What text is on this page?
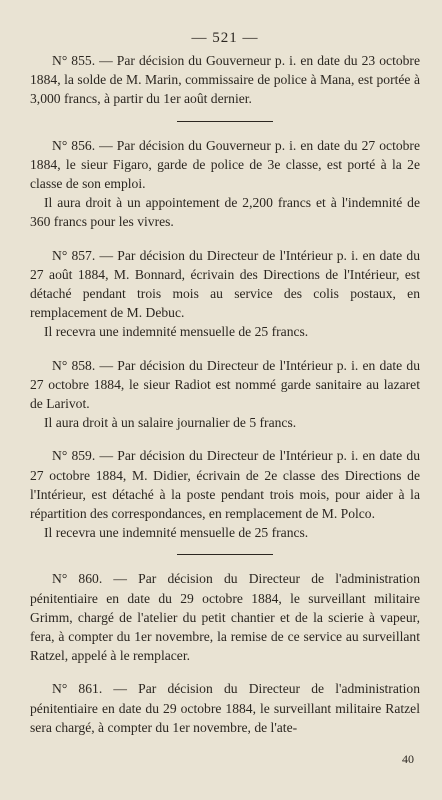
— 521 —

N° 855. — Par décision du Gouverneur p. i. en date du 23 octobre 1884, la solde de M. Marin, commissaire de police à Mana, est portée à 3,000 francs, à partir du 1er août dernier.

N° 856. — Par décision du Gouverneur p. i. en date du 27 octobre 1884, le sieur Figaro, garde de police de 3e classe, est porté à la 2e classe de son emploi.

Il aura droit à un appointement de 2,200 francs et à l'indemnité de 360 francs pour les vivres.

N° 857. — Par décision du Directeur de l'Intérieur p. i. en date du 27 août 1884, M. Bonnard, écrivain des Directions de l'Intérieur, est détaché pendant trois mois au service des colis postaux, en remplacement de M. Debuc.

Il recevra une indemnité mensuelle de 25 francs.

N° 858. — Par décision du Directeur de l'Intérieur p. i. en date du 27 octobre 1884, le sieur Radiot est nommé garde sanitaire au lazaret de Larivot.

Il aura droit à un salaire journalier de 5 francs.

N° 859. — Par décision du Directeur de l'Intérieur p. i. en date du 27 octobre 1884, M. Didier, écrivain de 2e classe des Directions de l'Intérieur, est détaché à la poste pendant trois mois, pour aider à la répartition des correspondances, en remplacement de M. Polco.

Il recevra une indemnité mensuelle de 25 francs.

N° 860. — Par décision du Directeur de l'administration pénitentiaire en date du 29 octobre 1884, le surveillant militaire Grimm, chargé de l'atelier du petit chantier et de la scierie à vapeur, fera, à compter du 1er novembre, la remise de ce service au surveillant Ratzel, appelé à le remplacer.

N° 861. — Par décision du Directeur de l'administration pénitentiaire en date du 29 octobre 1884, le surveillant militaire Ratzel sera chargé, à compter du 1er novembre, de l'ate-

40
